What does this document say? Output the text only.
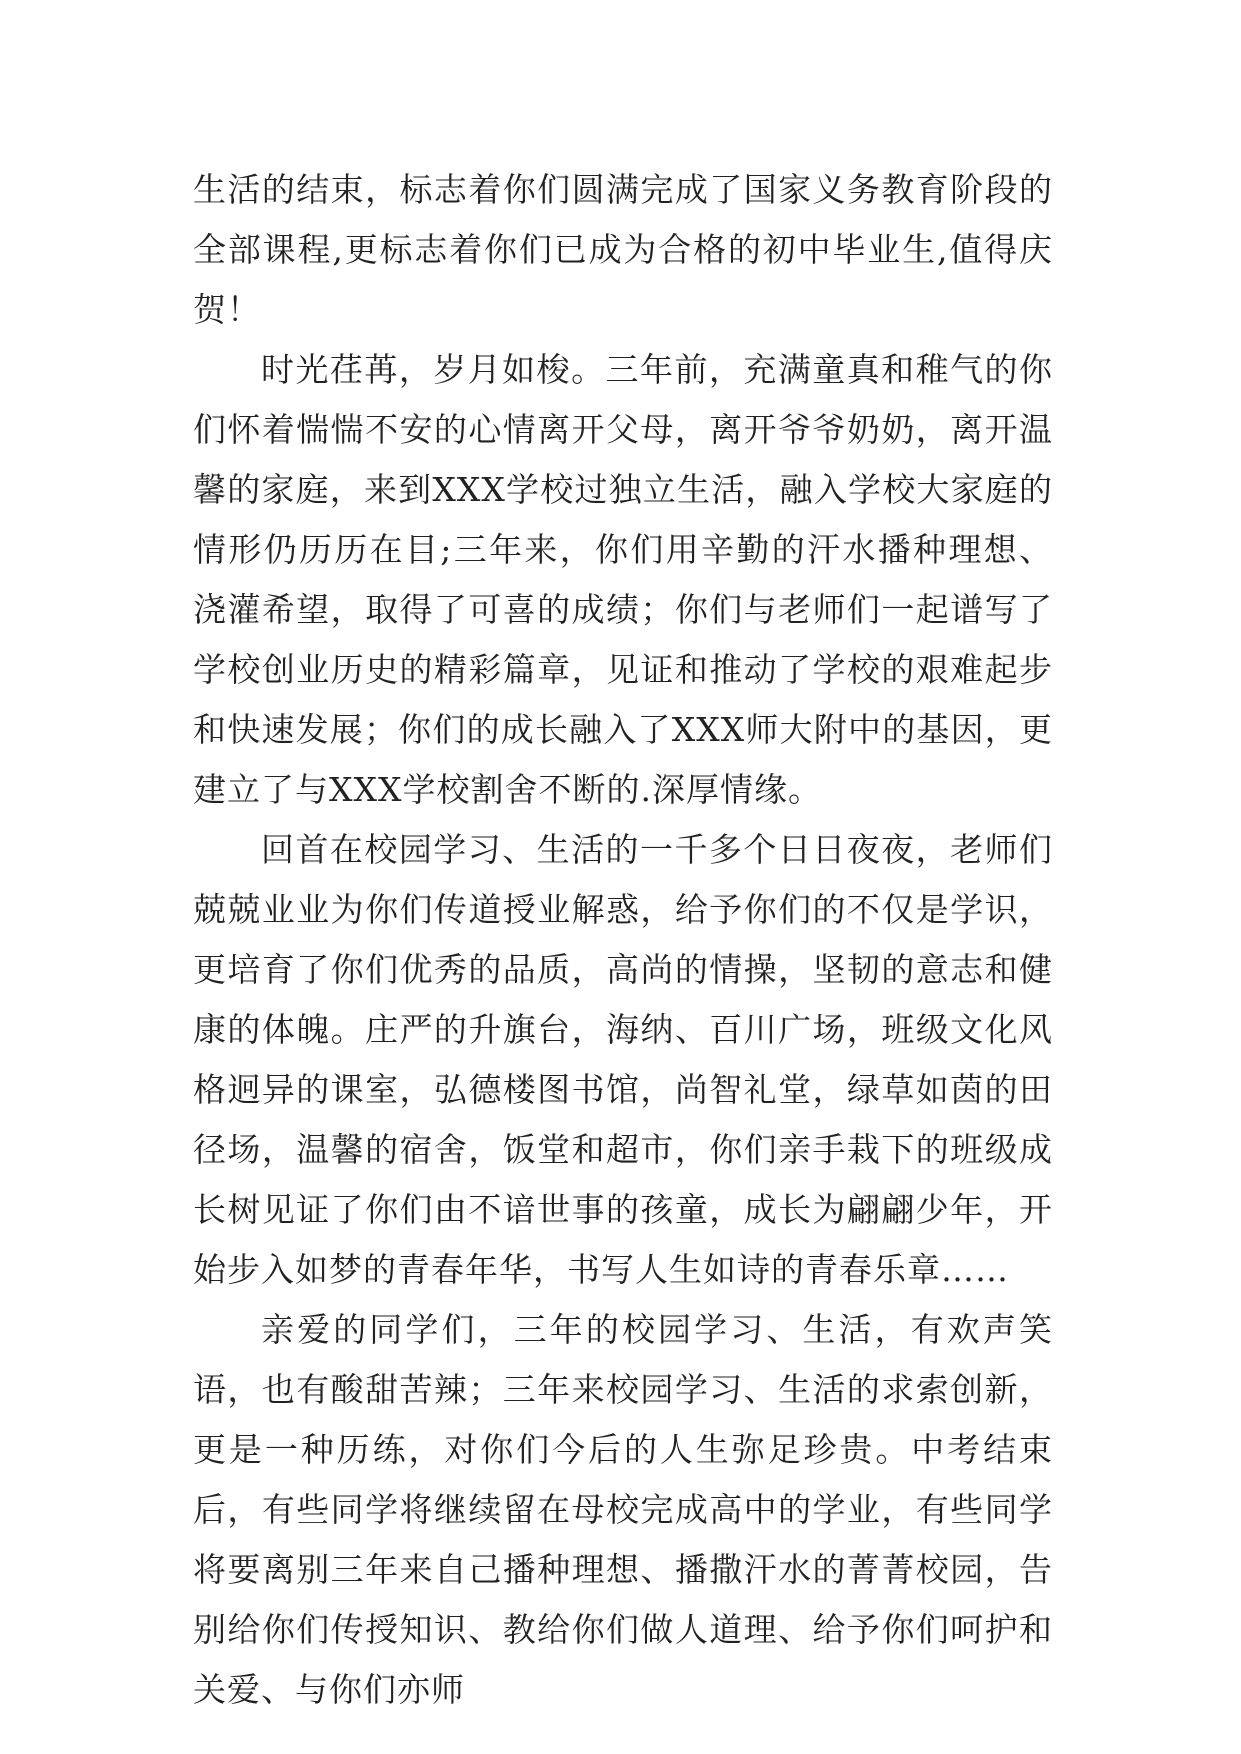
生活的结束，标志着你们圆满完成了国家义务教育阶段的全部课程,更标志着你们已成为合格的初中毕业生,值得庆贺！

时光荏苒，岁月如梭。三年前，充满童真和稚气的你们怀着惴惴不安的心情离开父母，离开爷爷奶奶，离开温馨的家庭，来到XXX学校过独立生活，融入学校大家庭的情形仍历历在目;三年来，你们用辛勤的汗水播种理想、浇灌希望，取得了可喜的成绩；你们与老师们一起谱写了学校创业历史的精彩篇章，见证和推动了学校的艰难起步和快速发展；你们的成长融入了XXX师大附中的基因，更建立了与XXX学校割舍不断的.深厚情缘。

回首在校园学习、生活的一千多个日日夜夜，老师们兢兢业业为你们传道授业解惑，给予你们的不仅是学识，更培育了你们优秀的品质，高尚的情操，坚韧的意志和健康的体魄。庄严的升旗台，海纳、百川广场，班级文化风格迥异的课室，弘德楼图书馆，尚智礼堂，绿草如茵的田径场，温馨的宿舍，饭堂和超市，你们亲手栽下的班级成长树见证了你们由不谙世事的孩童，成长为翩翩少年，开始步入如梦的青春年华，书写人生如诗的青春乐章……

亲爱的同学们，三年的校园学习、生活，有欢声笑语，也有酸甜苦辣；三年来校园学习、生活的求索创新，更是一种历练，对你们今后的人生弥足珍贵。中考结束后，有些同学将继续留在母校完成高中的学业，有些同学将要离别三年来自己播种理想、播撒汗水的菁菁校园，告别给你们传授知识、教给你们做人道理、给予你们呵护和关爱、与你们亦师
